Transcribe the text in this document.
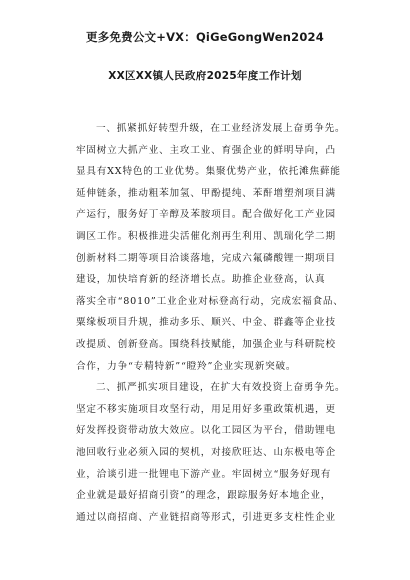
更多免费公文+VX：QiGeGongWen2024
XX区XX镇人民政府2025年度工作计划
一、抓紧抓好转型升级，在工业经济发展上奋勇争先。
牢固树立大抓产业、主攻工业、育强企业的鲜明导向，凸
显具有XX特色的工业优势。集聚优势产业，依托滩焦藓能
延伸链条，推动粗苯加氢、甲酚提纯、苯酐增塑剂项目满
产运行，服务好丁辛醇及苯胺项目。配合做好化工产业园
调区工作。积极推进尖活催化剂再生利用、凯瑞化学二期
创新材料二期等项目洽谈落地，完成六氟磷酸锂一期项目
建设，加快培育新的经济增长点。助推企业登高，认真
落实全市“8010”工业企业对标登高行动，完成宏福食品、
粟缘板项目升规，推动多乐、顺兴、中金、群鑫等企业技
改提质、创新登高。围绕科技赋能，加强企业与科研院校
合作，力争“专精特新”“瞪羚”企业实现新突破。
二、抓严抓实项目建设，在扩大有效投资上奋勇争先。
坚定不移实施项目攻坚行动，用足用好多重政策机遇，更
好发挥投资带动放大效应。以化工园区为平台，借助锂电
池回收行业必须入园的契机，对接欣旺达、山东极电等企
业，洽谈引进一批锂电下游产业。牢固树立“服务好现有
企业就是最好招商引资”的理念，跟踪服务好本地企业，
通过以商招商、产业链招商等形式，引进更多支柱性企业
